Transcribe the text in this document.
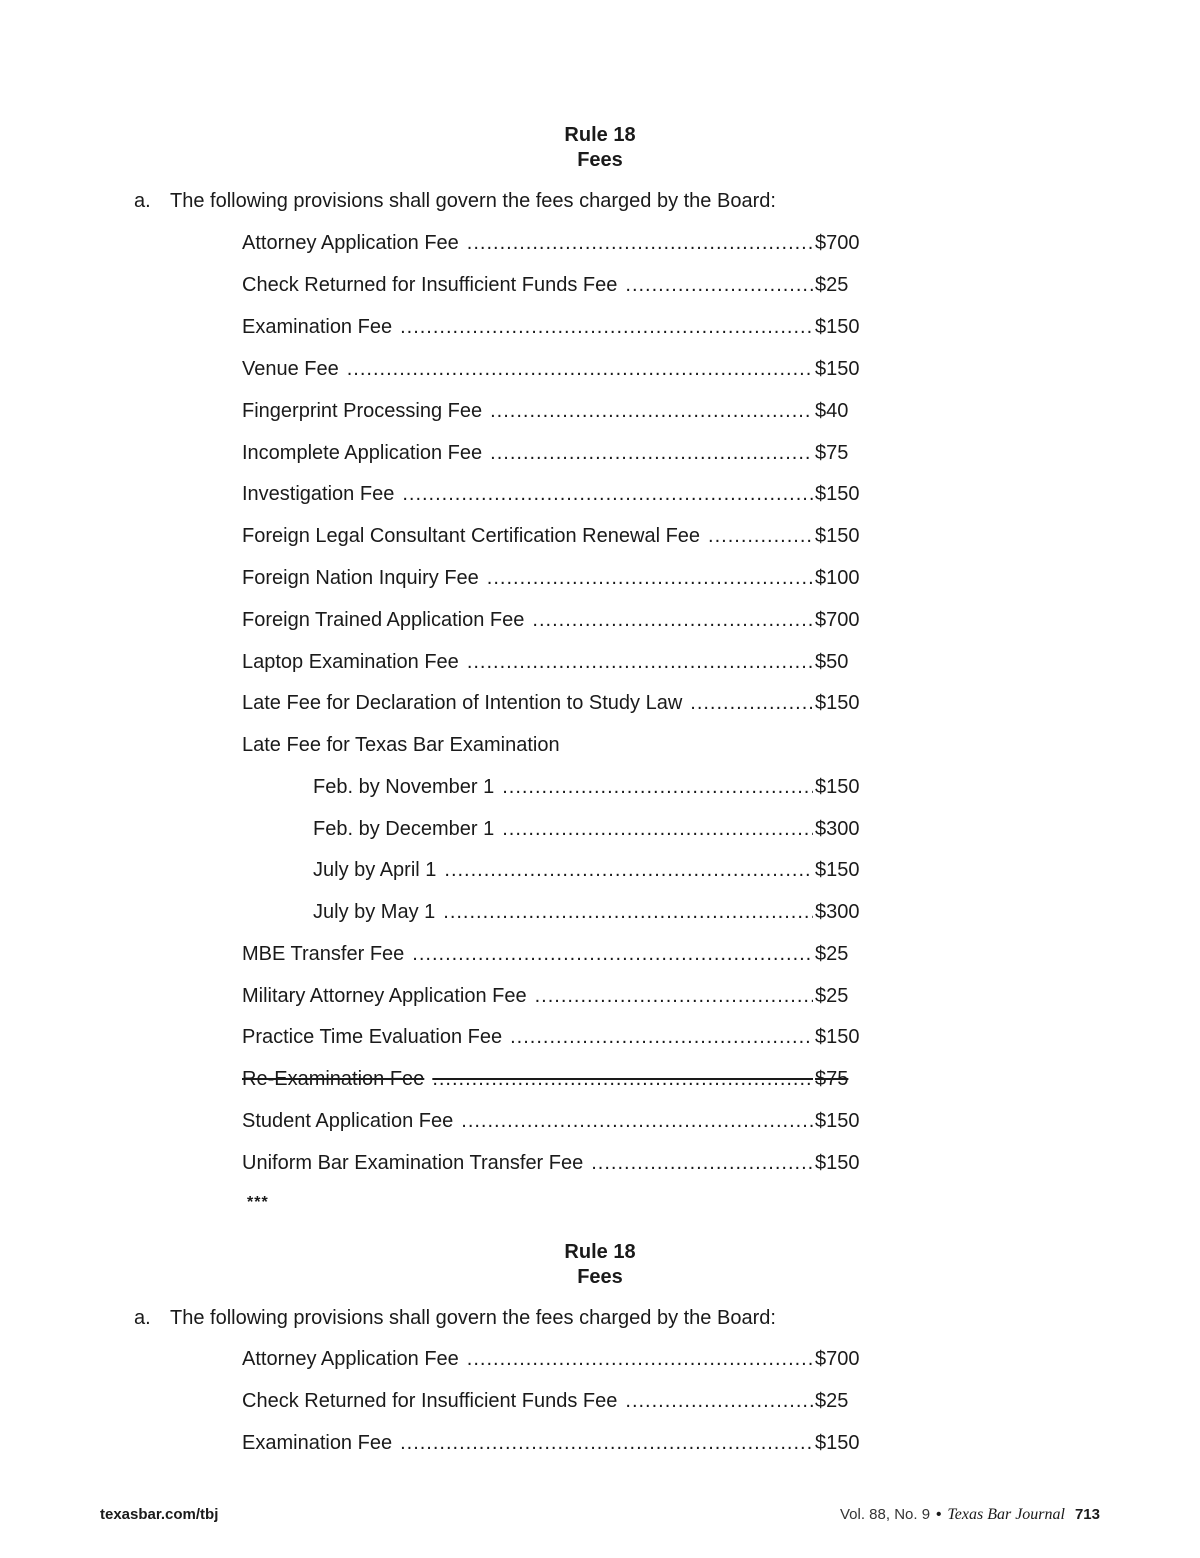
Rule 18
Fees
a. The following provisions shall govern the fees charged by the Board:
Attorney Application Fee .....	$700
Check Returned for Insufficient Funds Fee .....	$25
Examination Fee .....	$150
Venue Fee .....	$150
Fingerprint Processing Fee .....	$40
Incomplete Application Fee .....	$75
Investigation Fee .....	$150
Foreign Legal Consultant Certification Renewal Fee .....	$150
Foreign Nation Inquiry Fee .....	$100
Foreign Trained Application Fee .....	$700
Laptop Examination Fee .....	$50
Late Fee for Declaration of Intention to Study Law .....	$150
Late Fee for Texas Bar Examination
Feb. by November 1 .....	$150
Feb. by December 1 .....	$300
July by April 1 .....	$150
July by May 1 .....	$300
MBE Transfer Fee .....	$25
Military Attorney Application Fee .....	$25
Practice Time Evaluation Fee .....	$150
Re-Examination Fee .....	$75
Student Application Fee .....	$150
Uniform Bar Examination Transfer Fee .....	$150
***
Rule 18
Fees
a. The following provisions shall govern the fees charged by the Board:
Attorney Application Fee .....	$700
Check Returned for Insufficient Funds Fee .....	$25
Examination Fee .....	$150
texasbar.com/tbj	Vol. 88, No. 9 • Texas Bar Journal 713
